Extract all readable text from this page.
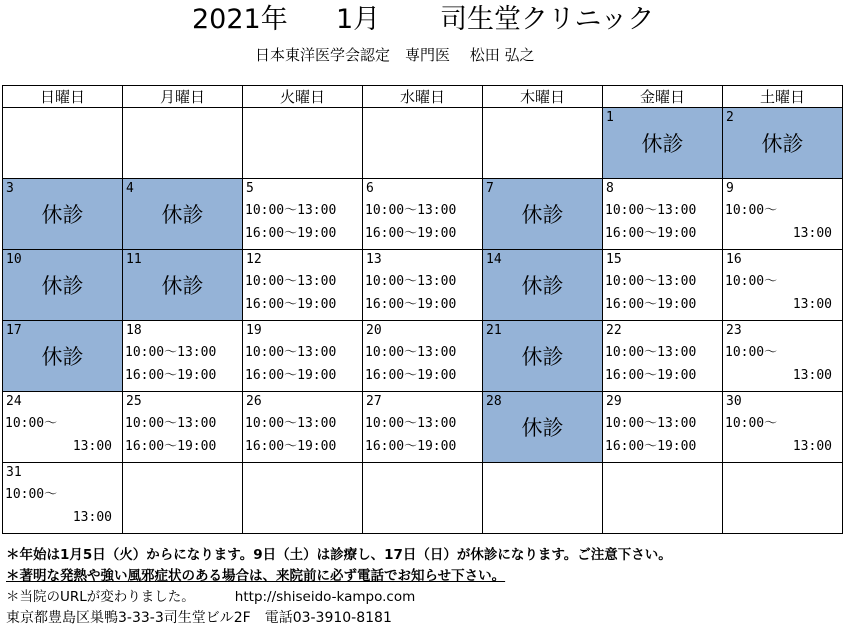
2021年 1月 司生堂クリニック
日本東洋医学会認定　専門医　 松田 弘之
日曜日	月曜日	火曜日	水曜日	木曜日	金曜日	土曜日

					1
休診	2
休診

3
休診	4
休診	5
10:00～13:00
16:00～19:00	6
10:00～13:00
16:00～19:00	7
休診	8
10:00～13:00
16:00～19:00	9
10:00～
13:00

10
休診	11
休診	12
10:00～13:00
16:00～19:00	13
10:00～13:00
16:00～19:00	14
休診	15
10:00～13:00
16:00～19:00	16
10:00～
13:00

17
休診	18
10:00～13:00
16:00～19:00	19
10:00～13:00
16:00～19:00	20
10:00～13:00
16:00～19:00	21
休診	22
10:00～13:00
16:00～19:00	23
10:00～
13:00

24
10:00～
13:00	25
10:00～13:00
16:00～19:00	26
10:00～13:00
16:00～19:00	27
10:00～13:00
16:00～19:00	28
休診	29
10:00～13:00
16:00～19:00	30
10:00～
13:00

31
10:00～
13:00						

＊年始は1月5日（火）からになります。9日（土）は診療し、17日（日）が休診になります。ご注意下さい。
＊著明な発熱や強い風邪症状のある場合は、来院前に必ず電話でお知らせ下さい。
＊当院のURLが変わりました。	http://shiseido-kampo.com
東京都豊島区巣鴨3-33-3司生堂ビル2F　電話03-3910-8181
